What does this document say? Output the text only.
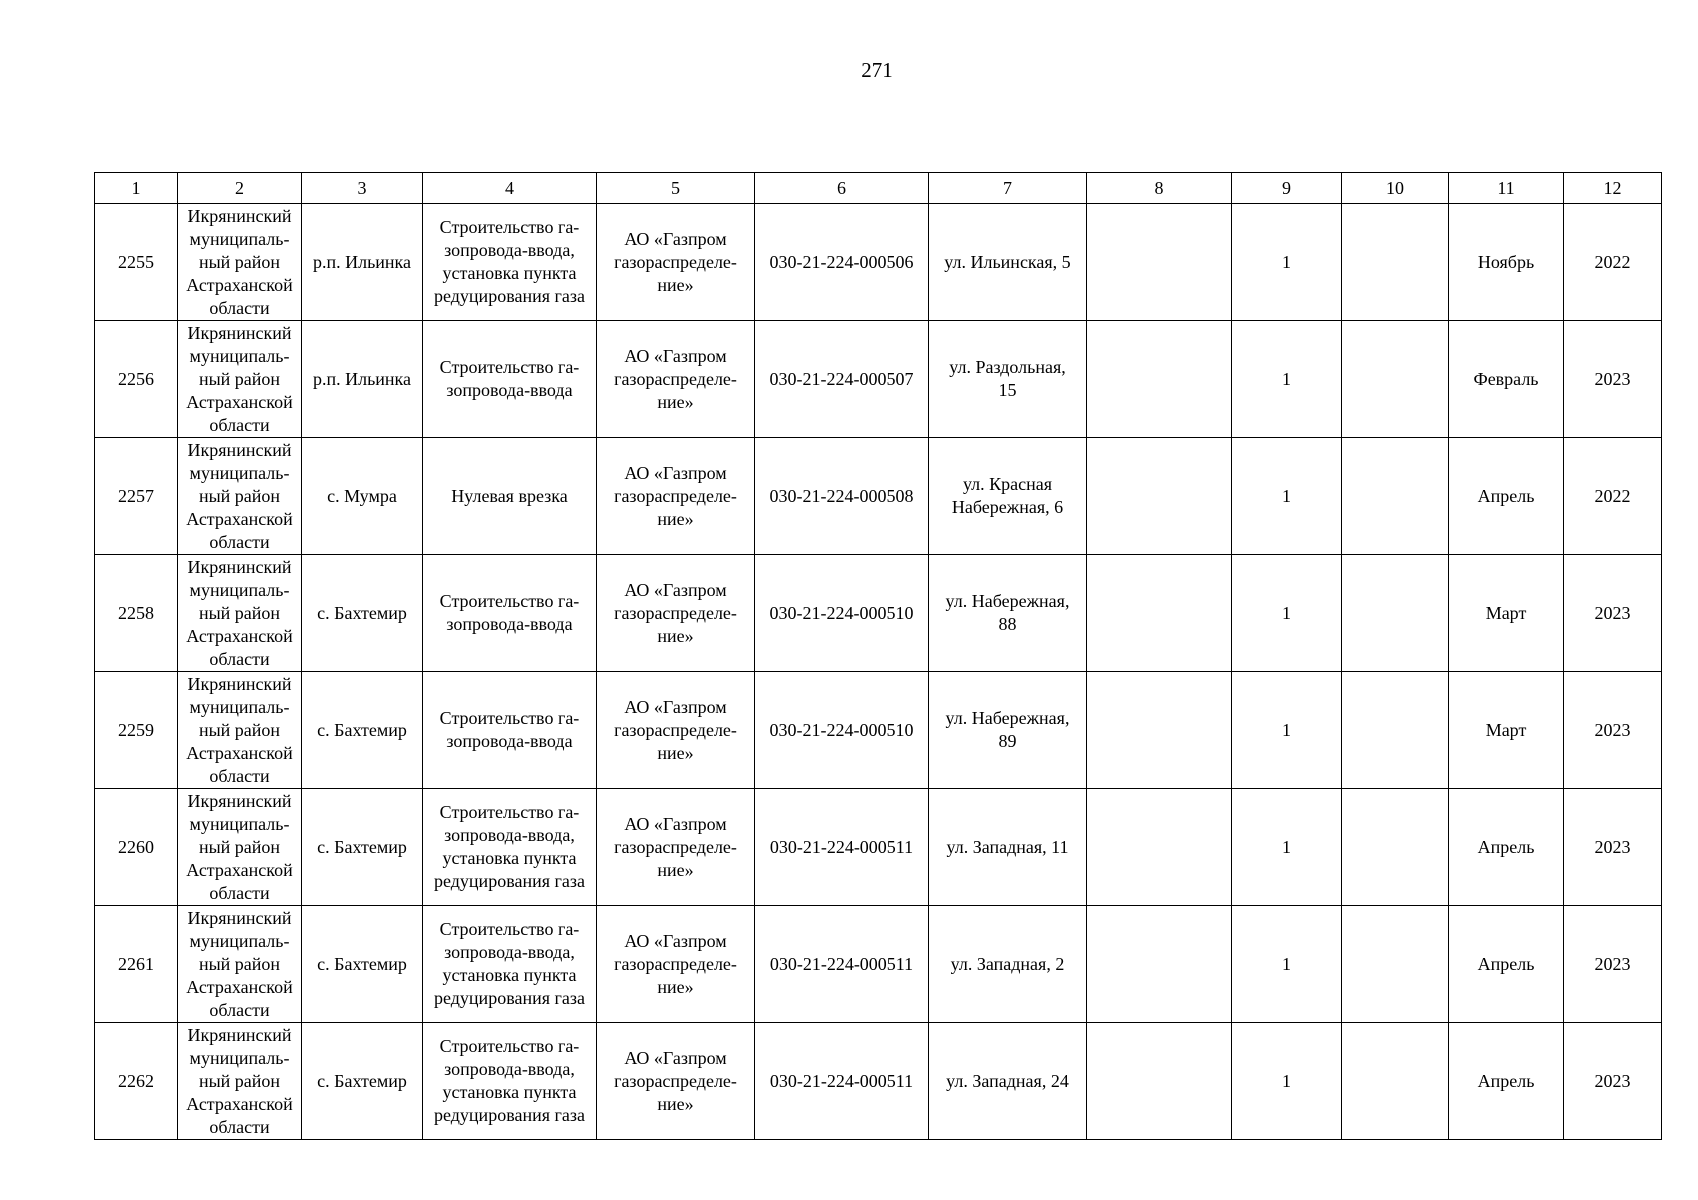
271
1	2	3	4	5	6	7	8	9	10	11	12
2255	Икрянинский
муниципаль-
ный район
Астраханской
области	р.п. Ильинка	Строительство га-
зопровода-ввода,
установка пункта
редуцирования газа	АО «Газпром
газораспределе-
ние»	030-21-224-000506	ул. Ильинская, 5		1		Ноябрь	2022
2256	Икрянинский
муниципаль-
ный район
Астраханской
области	р.п. Ильинка	Строительство га-
зопровода-ввода	АО «Газпром
газораспределе-
ние»	030-21-224-000507	ул. Раздольная,
15		1		Февраль	2023
2257	Икрянинский
муниципаль-
ный район
Астраханской
области	с. Мумра	Нулевая врезка	АО «Газпром
газораспределе-
ние»	030-21-224-000508	ул. Красная
Набережная, 6		1		Апрель	2022
2258	Икрянинский
муниципаль-
ный район
Астраханской
области	с. Бахтемир	Строительство га-
зопровода-ввода	АО «Газпром
газораспределе-
ние»	030-21-224-000510	ул. Набережная,
88		1		Март	2023
2259	Икрянинский
муниципаль-
ный район
Астраханской
области	с. Бахтемир	Строительство га-
зопровода-ввода	АО «Газпром
газораспределе-
ние»	030-21-224-000510	ул. Набережная,
89		1		Март	2023
2260	Икрянинский
муниципаль-
ный район
Астраханской
области	с. Бахтемир	Строительство га-
зопровода-ввода,
установка пункта
редуцирования газа	АО «Газпром
газораспределе-
ние»	030-21-224-000511	ул. Западная, 11		1		Апрель	2023
2261	Икрянинский
муниципаль-
ный район
Астраханской
области	с. Бахтемир	Строительство га-
зопровода-ввода,
установка пункта
редуцирования газа	АО «Газпром
газораспределе-
ние»	030-21-224-000511	ул. Западная, 2		1		Апрель	2023
2262	Икрянинский
муниципаль-
ный район
Астраханской
области	с. Бахтемир	Строительство га-
зопровода-ввода,
установка пункта
редуцирования газа	АО «Газпром
газораспределе-
ние»	030-21-224-000511	ул. Западная, 24		1		Апрель	2023
